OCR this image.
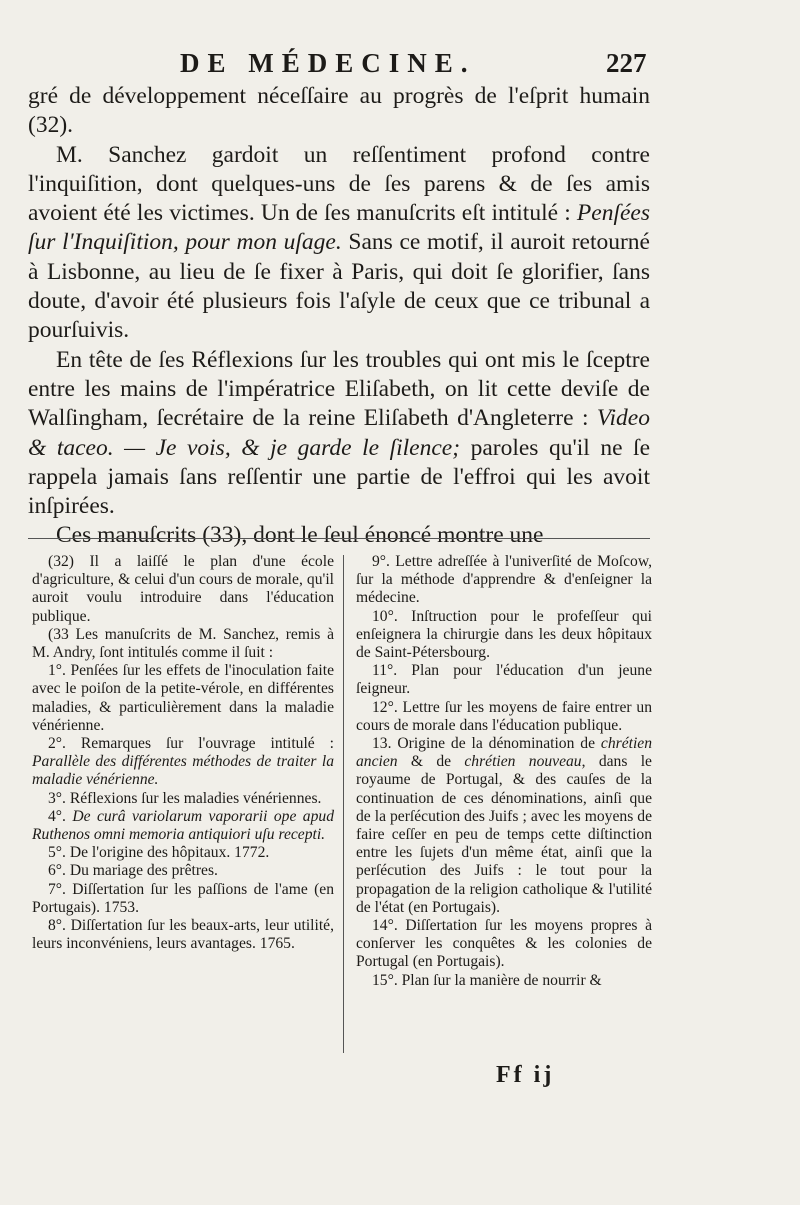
DE MÉDECINE.	227

gré de développement néceſſaire au progrès de l'eſprit humain (32).

M. Sanchez gardoit un reſſentiment profond contre l'inquiſition, dont quelques-uns de ſes parens & de ſes amis avoient été les victimes. Un de ſes manuſcrits eſt intitulé : Penſées ſur l'Inquiſition, pour mon uſage. Sans ce motif, il auroit retourné à Lisbonne, au lieu de ſe fixer à Paris, qui doit ſe glorifier, ſans doute, d'avoir été plusieurs fois l'aſyle de ceux que ce tribunal a pourſuivis.

En tête de ſes Réflexions ſur les troubles qui ont mis le ſceptre entre les mains de l'impératrice Eliſabeth, on lit cette deviſe de Walſingham, ſecrétaire de la reine Eliſabeth d'Angleterre : Video & taceo. — Je vois, & je garde le ſilence; paroles qu'il ne ſe rappela jamais ſans reſſentir une partie de l'effroi qui les avoit inſpirées.

Ces manuſcrits (33), dont le ſeul énoncé montre une

(32) Il a laiſſé le plan d'une école d'agriculture, & celui d'un cours de morale, qu'il auroit voulu introduire dans l'éducation publique.

(33 Les manuſcrits de M. Sanchez, remis à M. Andry, ſont intitulés comme il ſuit :

1°. Penſées ſur les effets de l'inoculation faite avec le poiſon de la petite-vérole, en différentes maladies, & particulièrement dans la maladie vénérienne.

2°. Remarques ſur l'ouvrage intitulé : Parallèle des différentes méthodes de traiter la maladie vénérienne.

3°. Réflexions ſur les maladies vénériennes.

4°. De curâ variolarum vaporarii ope apud Ruthenos omni memoria antiquiori uſu recepti.

5°. De l'origine des hôpitaux. 1772.

6°. Du mariage des prêtres.

7°. Diſſertation ſur les paſſions de l'ame (en Portugais). 1753.

8°. Diſſertation ſur les beaux-arts, leur utilité, leurs inconvéniens, leurs avantages. 1765.

9°. Lettre adreſſée à l'univerſité de Moſcow, ſur la méthode d'apprendre & d'enſeigner la médecine.

10°. Inſtruction pour le profeſſeur qui enſeignera la chirurgie dans les deux hôpitaux de Saint-Pétersbourg.

11°. Plan pour l'éducation d'un jeune ſeigneur.

12°. Lettre ſur les moyens de faire entrer un cours de morale dans l'éducation publique.

13. Origine de la dénomination de chrétien ancien & de chrétien nouveau, dans le royaume de Portugal, & des cauſes de la continuation de ces dénominations, ainſi que de la perſécution des Juifs ; avec les moyens de faire ceſſer en peu de temps cette diſtinction entre les ſujets d'un même état, ainſi que la perſécution des Juifs : le tout pour la propagation de la religion catholique & l'utilité de l'état (en Portugais).

14°. Diſſertation ſur les moyens propres à conſerver les conquêtes & les colonies de Portugal (en Portugais).

15°. Plan ſur la manière de nourrir &

Ff ij
